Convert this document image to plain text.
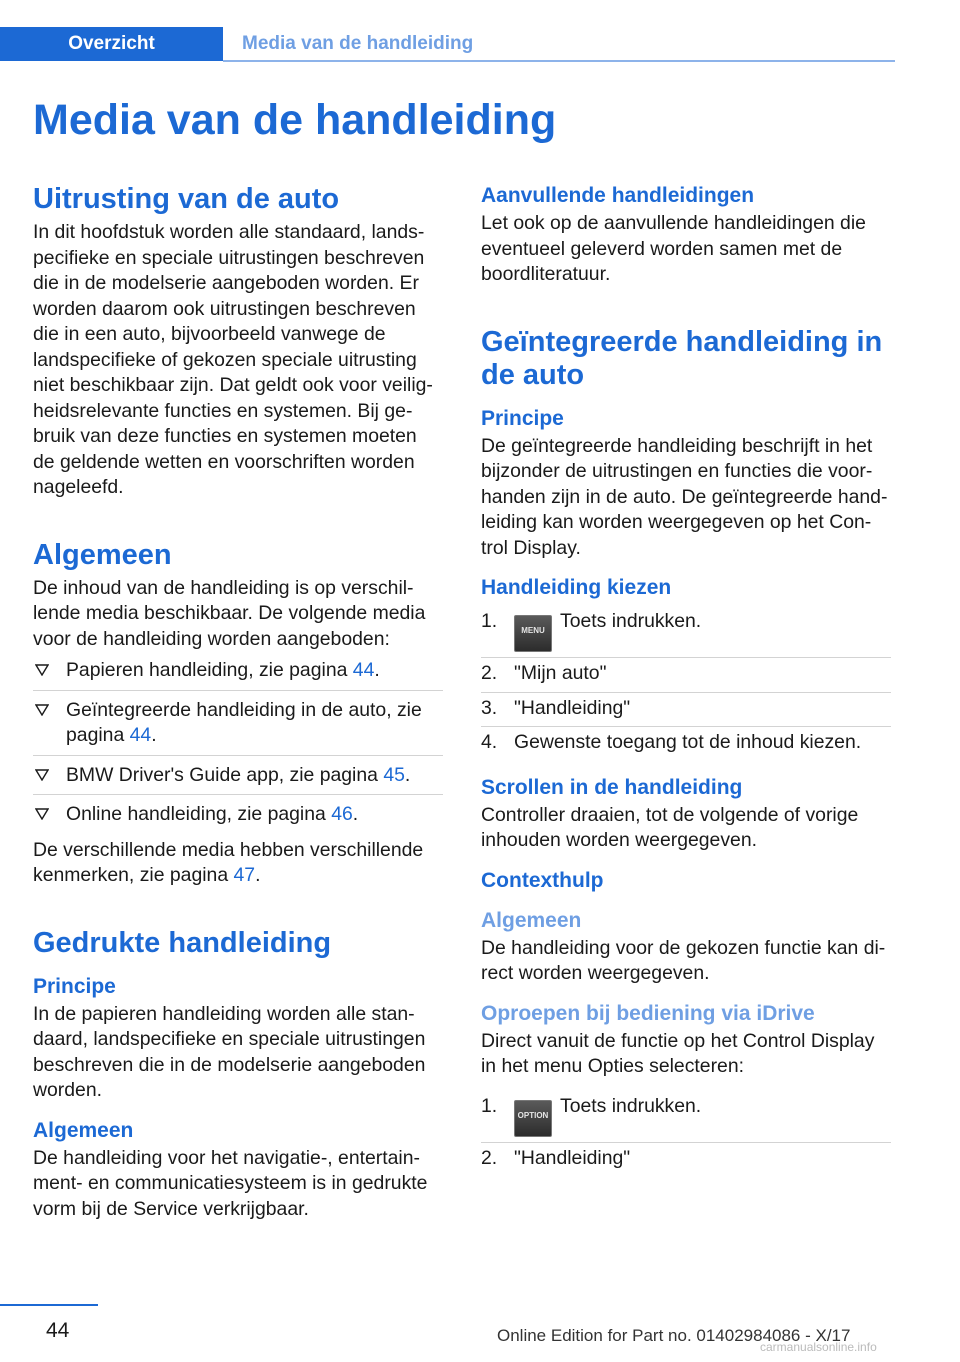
Overzicht	Media van de handleiding
Media van de handleiding
Uitrusting van de auto

In dit hoofdstuk worden alle standaard, lands-pecifieke en speciale uitrustingen beschreven die in de modelserie aangeboden worden. Er worden daarom ook uitrustingen beschreven die in een auto, bijvoorbeeld vanwege de landspecifieke of gekozen speciale uitrusting niet beschikbaar zijn. Dat geldt ook voor veilig-heidsrelevante functies en systemen. Bij ge-bruik van deze functies en systemen moeten de geldende wetten en voorschriften worden nageleefd.

Algemeen

De inhoud van de handleiding is op verschil-lende media beschikbaar. De volgende media voor de handleiding worden aangeboden:

Papieren handleiding, zie pagina 44.
Geïntegreerde handleiding in de auto, zie pagina 44.
BMW Driver's Guide app, zie pagina 45.
Online handleiding, zie pagina 46.

De verschillende media hebben verschillende kenmerken, zie pagina 47.

Gedrukte handleiding
Principe

In de papieren handleiding worden alle stan-daard, landspecifieke en speciale uitrustingen beschreven die in de modelserie aangeboden worden.

Algemeen

De handleiding voor het navigatie-, entertain-ment- en communicatiesysteem is in gedrukte vorm bij de Service verkrijgbaar.

Aanvullende handleidingen

Let ook op de aanvullende handleidingen die eventueel geleverd worden samen met de boordliteratuur.

Geïntegreerde handleiding in de auto
Principe

De geïntegreerde handleiding beschrijft in het bijzonder de uitrustingen en functies die voor-handen zijn in de auto. De geïntegreerde hand-leiding kan worden weergegeven op het Con-trol Display.

Handleiding kiezen
1.	MENU Toets indrukken.
2. "Mijn auto"
3. "Handleiding"
4. Gewenste toegang tot de inhoud kiezen.
Scrollen in de handleiding

Controller draaien, tot de volgende of vorige inhouden worden weergegeven.

Contexthulp
Algemeen

De handleiding voor de gekozen functie kan di-rect worden weergegeven.

Oproepen bij bediening via iDrive

Direct vanuit de functie op het Control Display in het menu Opties selecteren:

1.	OPTION Toets indrukken.
2. "Handleiding"
44	Online Edition for Part no. 01402984086 - X/17
carmanualsonline.info
